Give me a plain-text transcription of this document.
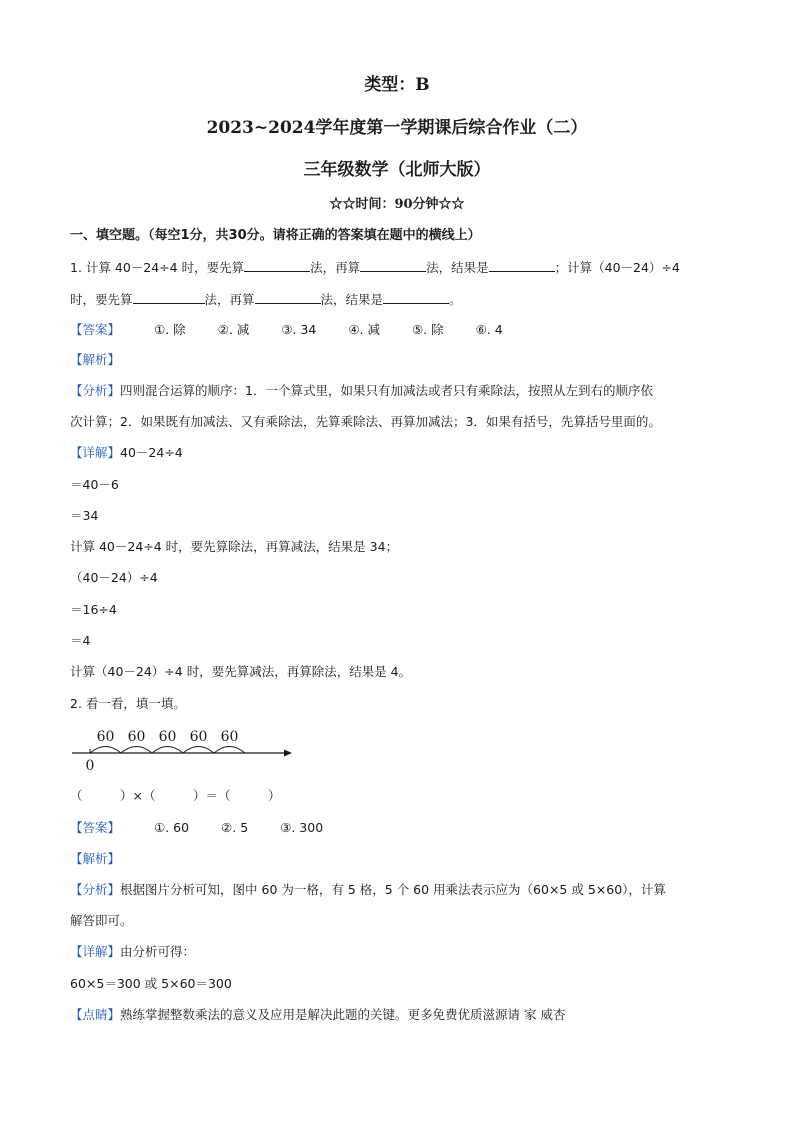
类型：B
2023~2024学年度第一学期课后综合作业（二）
三年级数学（北师大版）
☆☆时间：90分钟☆☆
一、填空题。（每空1分，共30分。请将正确的答案填在题中的横线上）
1. 计算 40－24÷4 时，要先算	法，再算	法，结果是	；计算（40－24）÷4
时，要先算	法，再算	法，结果是	。
【答案】	①. 除	②. 减	③. 34	④. 减	⑤. 除	⑥. 4
【解析】
【分析】四则混合运算的顺序：1．一个算式里，如果只有加减法或者只有乘除法，按照从左到右的顺序依
次计算；2．如果既有加减法、又有乘除法，先算乘除法、再算加减法；3．如果有括号，先算括号里面的。
【详解】40－24÷4
＝40－6
＝34
计算 40－24÷4 时，要先算除法，再算减法，结果是 34；
（40－24）÷4
＝16÷4
＝4
计算（40－24）÷4 时，要先算减法，再算除法，结果是 4。
2. 看一看，填一填。
60 60 60 60 60
0
（　　　）×（　　　）＝（　　　）
【答案】	①. 60	②. 5	③. 300
【解析】
【分析】根据图片分析可知，图中 60 为一格，有 5 格，5 个 60 用乘法表示应为（60×5 或 5×60），计算
解答即可。
【详解】由分析可得：
60×5＝300 或 5×60＝300
【点睛】熟练掌握整数乘法的意义及应用是解决此题的关键。更多免费优质滋源请 家 威杏
